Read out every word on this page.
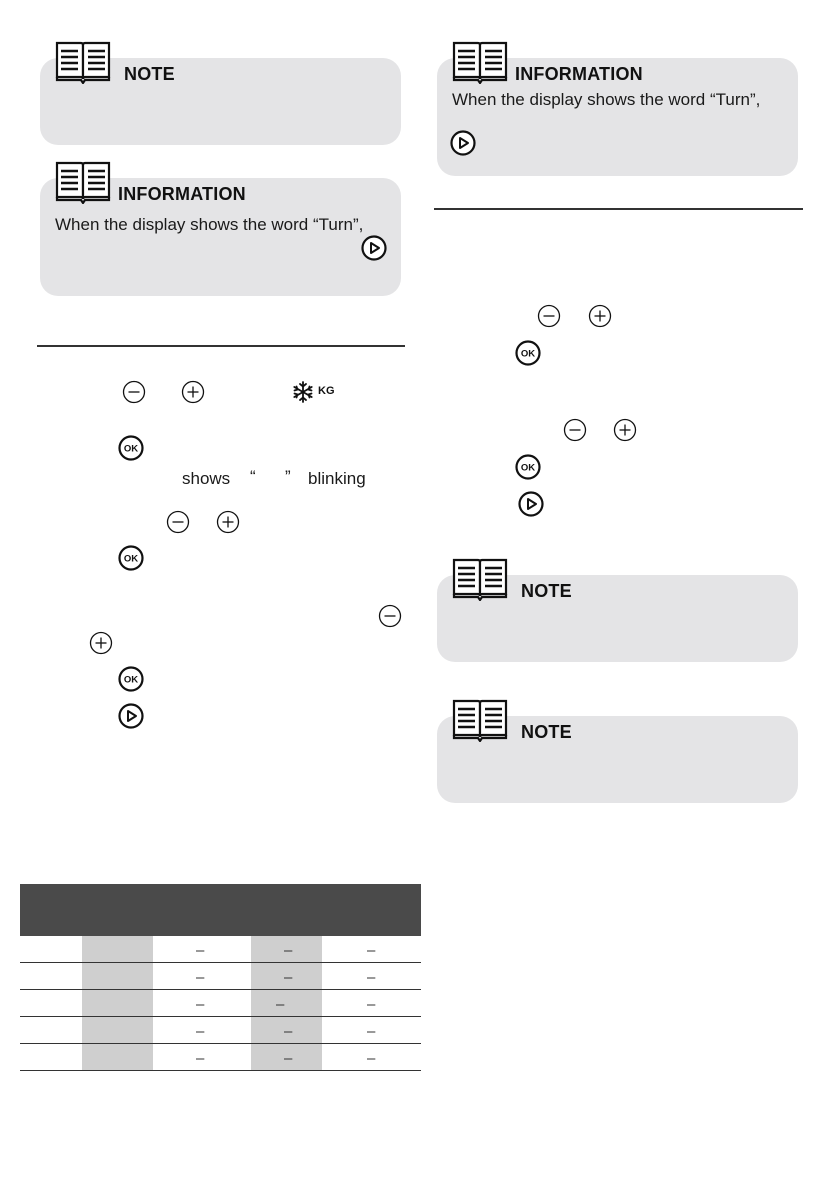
NOTE
INFORMATION
When the display shows the word “Turn”,
KG
shows “ ” blinking
–	–	–
–	–	–
–	–	–
–	–	–
–	–	–
INFORMATION
When the display shows the word “Turn”,
NOTE
NOTE
